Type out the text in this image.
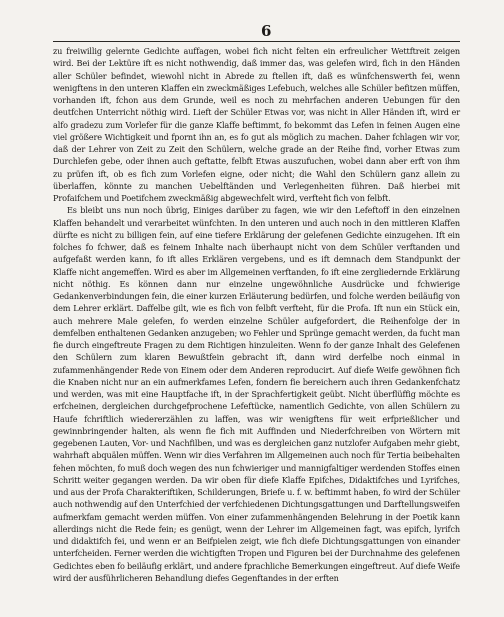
6

zu freiwillig gelernte Gedichte auffagen, wobei fich nicht felten ein erfreulicher Wettftreit zeigen wird. Bei der Lektüre ift es nicht nothwendig, daß immer das, was gelefen wird, fich in den Händen aller Schüler befindet, wiewohl nicht in Abrede zu ftellen ift, daß es wünfchenswerth fei, wenn wenigftens in den unteren Klaffen ein zweckmäßiges Lefebuch, welches alle Schüler befitzen müffen, vorhanden ift, fchon aus dem Grunde, weil es noch zu mehrfachen anderen Uebungen für den deutfchen Unterricht nöthig wird. Lieft der Schüler Etwas vor, was nicht in Aller Händen ift, wird er alfo gradezu zum Vorlefer für die ganze Klaffe beftimmt, fo bekommt das Lefen in feinen Augen eine viel größere Wichtigkeit und fpornt ihn an, es fo gut als möglich zu machen. Daher fchlagen wir vor, daß der Lehrer von Zeit zu Zeit den Schülern, welche grade an der Reihe find, vorher Etwas zum Durchlefen gebe, oder ihnen auch geftatte, felbft Etwas auszufuchen, wobei dann aber erft von ihm zu prüfen ift, ob es fich zum Vorlefen eigne, oder nicht; die Wahl den Schülern ganz allein zu überlaffen, könnte zu manchen Uebelftänden und Verlegenheiten führen. Daß hierbei mit Profaifchem und Poetifchem zweckmäßig abgewechfelt wird, verfteht fich von felbft.

Es bleibt uns nun noch übrig, Einiges darüber zu fagen, wie wir den Lefeftoff in den einzelnen Klaffen behandelt und verarbeitet wünfchten. In den unteren und auch noch in den mittleren Klaffen dürfte es nicht zu billigen fein, auf eine tiefere Erklärung der gelefenen Gedichte einzugehen. Ift ein folches fo fchwer, daß es feinem Inhalte nach überhaupt nicht von dem Schüler verftanden und aufgefaßt werden kann, fo ift alles Erklären vergebens, und es ift demnach dem Standpunkt der Klaffe nicht angemeffen. Wird es aber im Allgemeinen verftanden, fo ift eine zergliedernde Erklärung nicht nöthig. Es können dann nur einzelne ungewöhnliche Ausdrücke und fchwierige Gedankenverbindungen fein, die einer kurzen Erläuterung bedürfen, und folche werden beiläufig von dem Lehrer erklärt. Daffelbe gilt, wie es fich von felbft verfteht, für die Profa. Ift nun ein Stück ein, auch mehrere Male gelefen, fo werden einzelne Schüler aufgefordert, die Reihenfolge der in demfelben enthaltenen Gedanken anzugeben; wo Fehler und Sprünge gemacht werden, da fucht man fie durch eingeftreute Fragen zu dem Richtigen hinzuleiten. Wenn fo der ganze Inhalt des Gelefenen den Schülern zum klaren Bewußtfein gebracht ift, dann wird derfelbe noch einmal in zufammenhängender Rede von Einem oder dem Anderen reproducirt. Auf diefe Weife gewöhnen fich die Knaben nicht nur an ein aufmerkfames Lefen, fondern fie bereichern auch ihren Gedankenfchatz und werden, was mit eine Hauptfache ift, in der Sprachfertigkeit geübt. Nicht überflüffig möchte es erfcheinen, dergleichen durchgefprochene Lefeftücke, namentlich Gedichte, von allen Schülern zu Haufe fchriftlich wiedererzählen zu laffen, was wir wenigftens für weit erfprießlicher und gewinnbringender halten, als wenn fie fich mit Auffinden und Niederfchreiben von Wörtern mit gegebenen Lauten, Vor- und Nachfilben, und was es dergleichen ganz nutzlofer Aufgaben mehr giebt, wahrhaft abquälen müffen. Wenn wir dies Verfahren im Allgemeinen auch noch für Tertia beibehalten fehen möchten, fo muß doch wegen des nun fchwieriger und mannigfaltiger werdenden Stoffes einen Schritt weiter gegangen werden. Da wir oben für diefe Klaffe Epifches, Didaktifches und Lyrifches, und aus der Profa Charakteriftiken, Schilderungen, Briefe u. f. w. beftimmt haben, fo wird der Schüler auch nothwendig auf den Unterfchied der verfchiedenen Dichtungsgattungen und Darftellungsweifen aufmerkfam gemacht werden müffen. Von einer zufammenhängenden Belehrung in der Poetik kann allerdings nicht die Rede fein; es genügt, wenn der Lehrer im Allgemeinen fagt, was epifch, lyrifch und didaktifch fei, und wenn er an Beifpielen zeigt, wie fich diefe Dichtungsgattungen von einander unterfcheiden. Ferner werden die wichtigften Tropen und Figuren bei der Durchnahme des gelefenen Gedichtes eben fo beiläufig erklärt, und andere fprachliche Bemerkungen eingeftreut. Auf diefe Weife wird der ausführlicheren Behandlung diefes Gegenftandes in der erften
